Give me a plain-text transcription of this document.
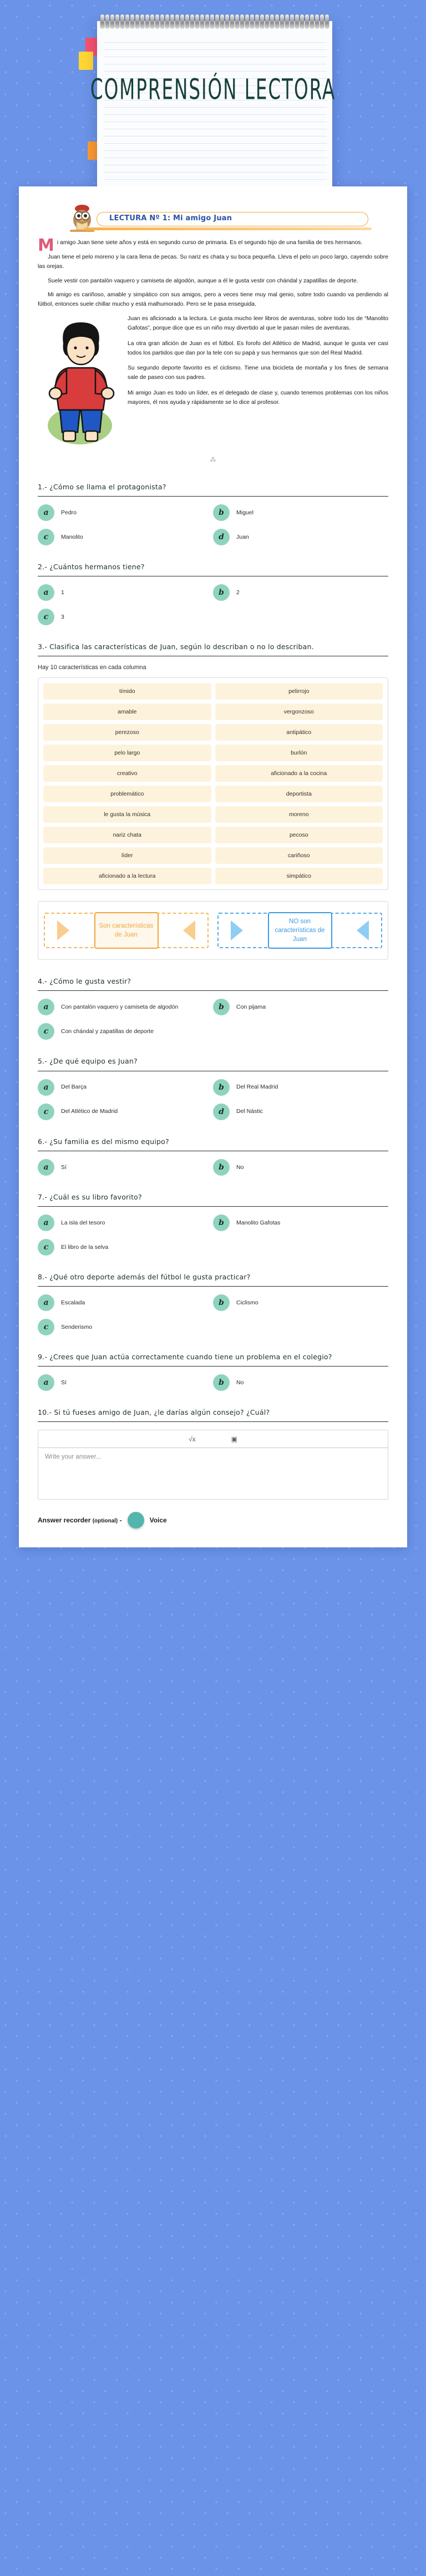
COMPRENSIÓN LECTORA
LECTURA Nº 1: Mi amigo Juan

Mi amigo Juan tiene siete años y está en segundo curso de primaria. Es el segundo hijo de una familia de tres hermanos.

Juan tiene el pelo moreno y la cara llena de pecas. Su nariz es chata y su boca pequeña. Lleva el pelo un poco largo, cayendo sobre las orejas.

Suele vestir con pantalón vaquero y camiseta de algodón, aunque a él le gusta vestir con chándal y zapatillas de deporte.

Mi amigo es cariñoso, amable y simpático con sus amigos, pero a veces tiene muy mal genio, sobre todo cuando va perdiendo al fútbol, entonces suele chillar mucho y está malhumorado. Pero se le pasa enseguida.

Juan es aficionado a la lectura. Le gusta mucho leer libros de aventuras, sobre todo los de “Manolito Gafotas”, porque dice que es un niño muy divertido al que le pasan miles de aventuras.

La otra gran afición de Juan es el fútbol. Es forofo del Atlético de Madrid, aunque le gusta ver casi todos los partidos que dan por la tele con su papá y sus hermanos que son del Real Madrid.

Su segundo deporte favorito es el ciclismo. Tiene una bicicleta de montaña y los fines de semana sale de paseo con sus padres.

Mi amigo Juan es todo un líder, es el delegado de clase y, cuando tenemos problemas con los niños mayores, él nos ayuda y rápidamente se lo dice al profesor.

⁂
1.- ¿Cómo se llama el protagonista?
a	Pedro	b	Miguel
c	Manolito	d	Juan
2.- ¿Cuántos hermanos tiene?
a	1	b	2
c	3
3.- Clasifica las características de Juan, según lo describan o no lo describan.
Hay 10 características en cada columna
tímido	pelirrojo
amable	vergonzoso
perezoso	antipático
pelo largo	burlón
creativo	aficionado a la cocina
problemático	deportista
le gusta la música	moreno
nariz chata	pecoso
líder	cariñoso
aficionado a la lectura	simpático
Son características de Juan
NO son características de Juan
4.- ¿Cómo le gusta vestir?
a	Con pantalón vaquero y camiseta de algodón	b	Con pijama
c	Con chándal y zapatillas de deporte
5.- ¿De qué equipo es Juan?
a	Del Barça	b	Del Real Madrid
c	Del Atlético de Madrid	d	Del Nástic
6.- ¿Su familia es del mismo equipo?
a	Sí	b	No
7.- ¿Cuál es su libro favorito?
a	La isla del tesoro	b	Manolito Gafotas
c	El libro de la selva
8.- ¿Qué otro deporte además del fútbol le gusta practicar?
a	Escalada	b	Ciclismo
c	Senderismo
9.- ¿Crees que Juan actúa correctamente cuando tiene un problema en el colegio?
a	Sí	b	No
10.- Si tú fueses amigo de Juan, ¿le darías algún consejo? ¿Cuál?
√x	▣
Write your answer...
Answer recorder (optional) -	Voice
